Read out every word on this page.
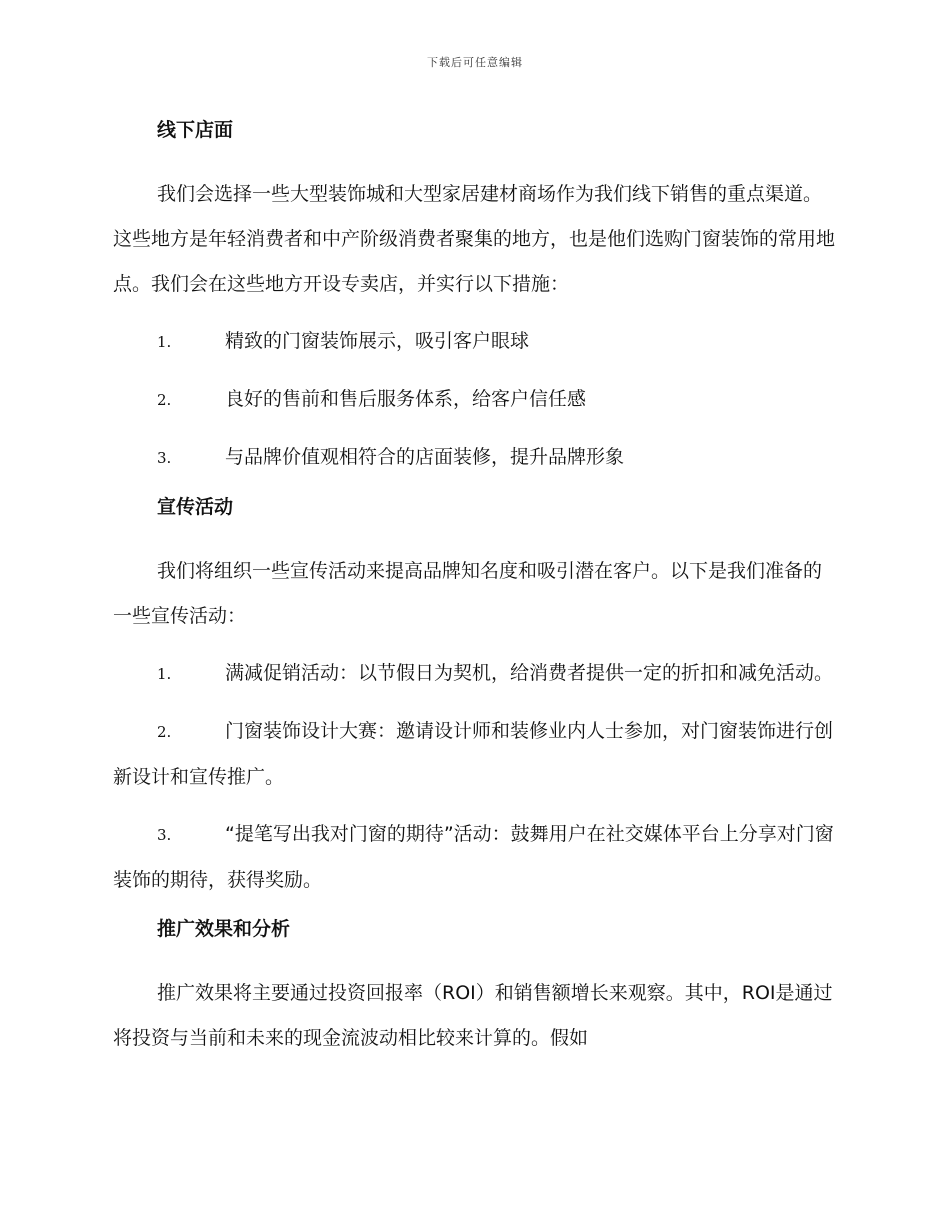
下载后可任意编辑
线下店面

我们会选择一些大型装饰城和大型家居建材商场作为我们线下销售的重点渠道。这些地方是年轻消费者和中产阶级消费者聚集的地方，也是他们选购门窗装饰的常用地点。我们会在这些地方开设专卖店，并实行以下措施：

1.	精致的门窗装饰展示，吸引客户眼球
2.	良好的售前和售后服务体系，给客户信任感
3.	与品牌价值观相符合的店面装修，提升品牌形象
宣传活动

我们将组织一些宣传活动来提高品牌知名度和吸引潜在客户。以下是我们准备的一些宣传活动：

1.	满减促销活动：以节假日为契机，给消费者提供一定的折扣和减免活动。
2.	门窗装饰设计大赛：邀请设计师和装修业内人士参加，对门窗装饰进行创新设计和宣传推广。
3.	“提笔写出我对门窗的期待”活动：鼓舞用户在社交媒体平台上分享对门窗装饰的期待，获得奖励。
推广效果和分析

推广效果将主要通过投资回报率（ROI）和销售额增长来观察。其中，ROI是通过将投资与当前和未来的现金流波动相比较来计算的。假如
